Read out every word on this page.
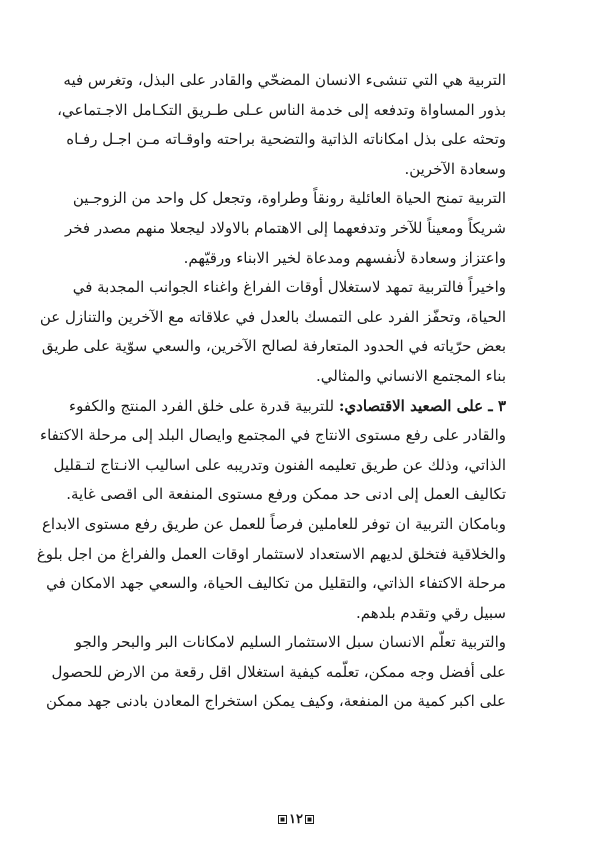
التربية هي التي تنشىء الانسان المضحّي والقادر على البذل، وتغرس فيه
بذور المساواة وتدفعه إلى خدمة الناس عـلى طـريق التكـامل الاجـتماعي،
وتحثه على بذل امكاناته الذاتية والتضحية براحته واوقـاته مـن اجـل رفـاه
وسعادة الآخرين.
التربية تمنح الحياة العائلية رونقاً وطراوة، وتجعل كل واحد من الزوجـين
شريكاً ومعيناً للآخر وتدفعهما إلى الاهتمام بالاولاد ليجعلا منهم مصدر فخر
واعتزاز وسعادة لأنفسهم ومدعاة لخير الابناء ورقيّهم.
واخيراً فالتربية تمهد لاستغلال أوقات الفراغ واغناء الجوانب المجدبة في
الحياة، وتحفّز الفرد على التمسك بالعدل في علاقاته مع الآخرين والتنازل عن
بعض حرّياته في الحدود المتعارفة لصالح الآخرين، والسعي سوّية على طريق
بناء المجتمع الانساني والمثالي.
٣ ـ على الصعيد الاقتصادي: للتربية قدرة على خلق الفرد المنتج والكفوء
والقادر على رفع مستوى الانتاج في المجتمع وايصال البلد إلى مرحلة الاكتفاء
الذاتي، وذلك عن طريق تعليمه الفنون وتدريبه على اساليب الانـتاج لتـقليل
تكاليف العمل إلى ادنى حد ممكن ورفع مستوى المنفعة الى اقصى غاية.
وبامكان التربية ان توفر للعاملين فرصاً للعمل عن طريق رفع مستوى الابداع
والخلاقية فتخلق لديهم الاستعداد لاستثمار اوقات العمل والفراغ من اجل بلوغ
مرحلة الاكتفاء الذاتي، والتقليل من تكاليف الحياة، والسعي جهد الامكان في
سبيل رقي وتقدم بلدهم.
والتربية تعلّم الانسان سبل الاستثمار السليم لامكانات البر والبحر والجو
على أفضل وجه ممكن، تعلّمه كيفية استغلال اقل رقعة من الارض للحصول
على اكبر كمية من المنفعة، وكيف يمكن استخراج المعادن بادنى جهد ممكن
١٢
